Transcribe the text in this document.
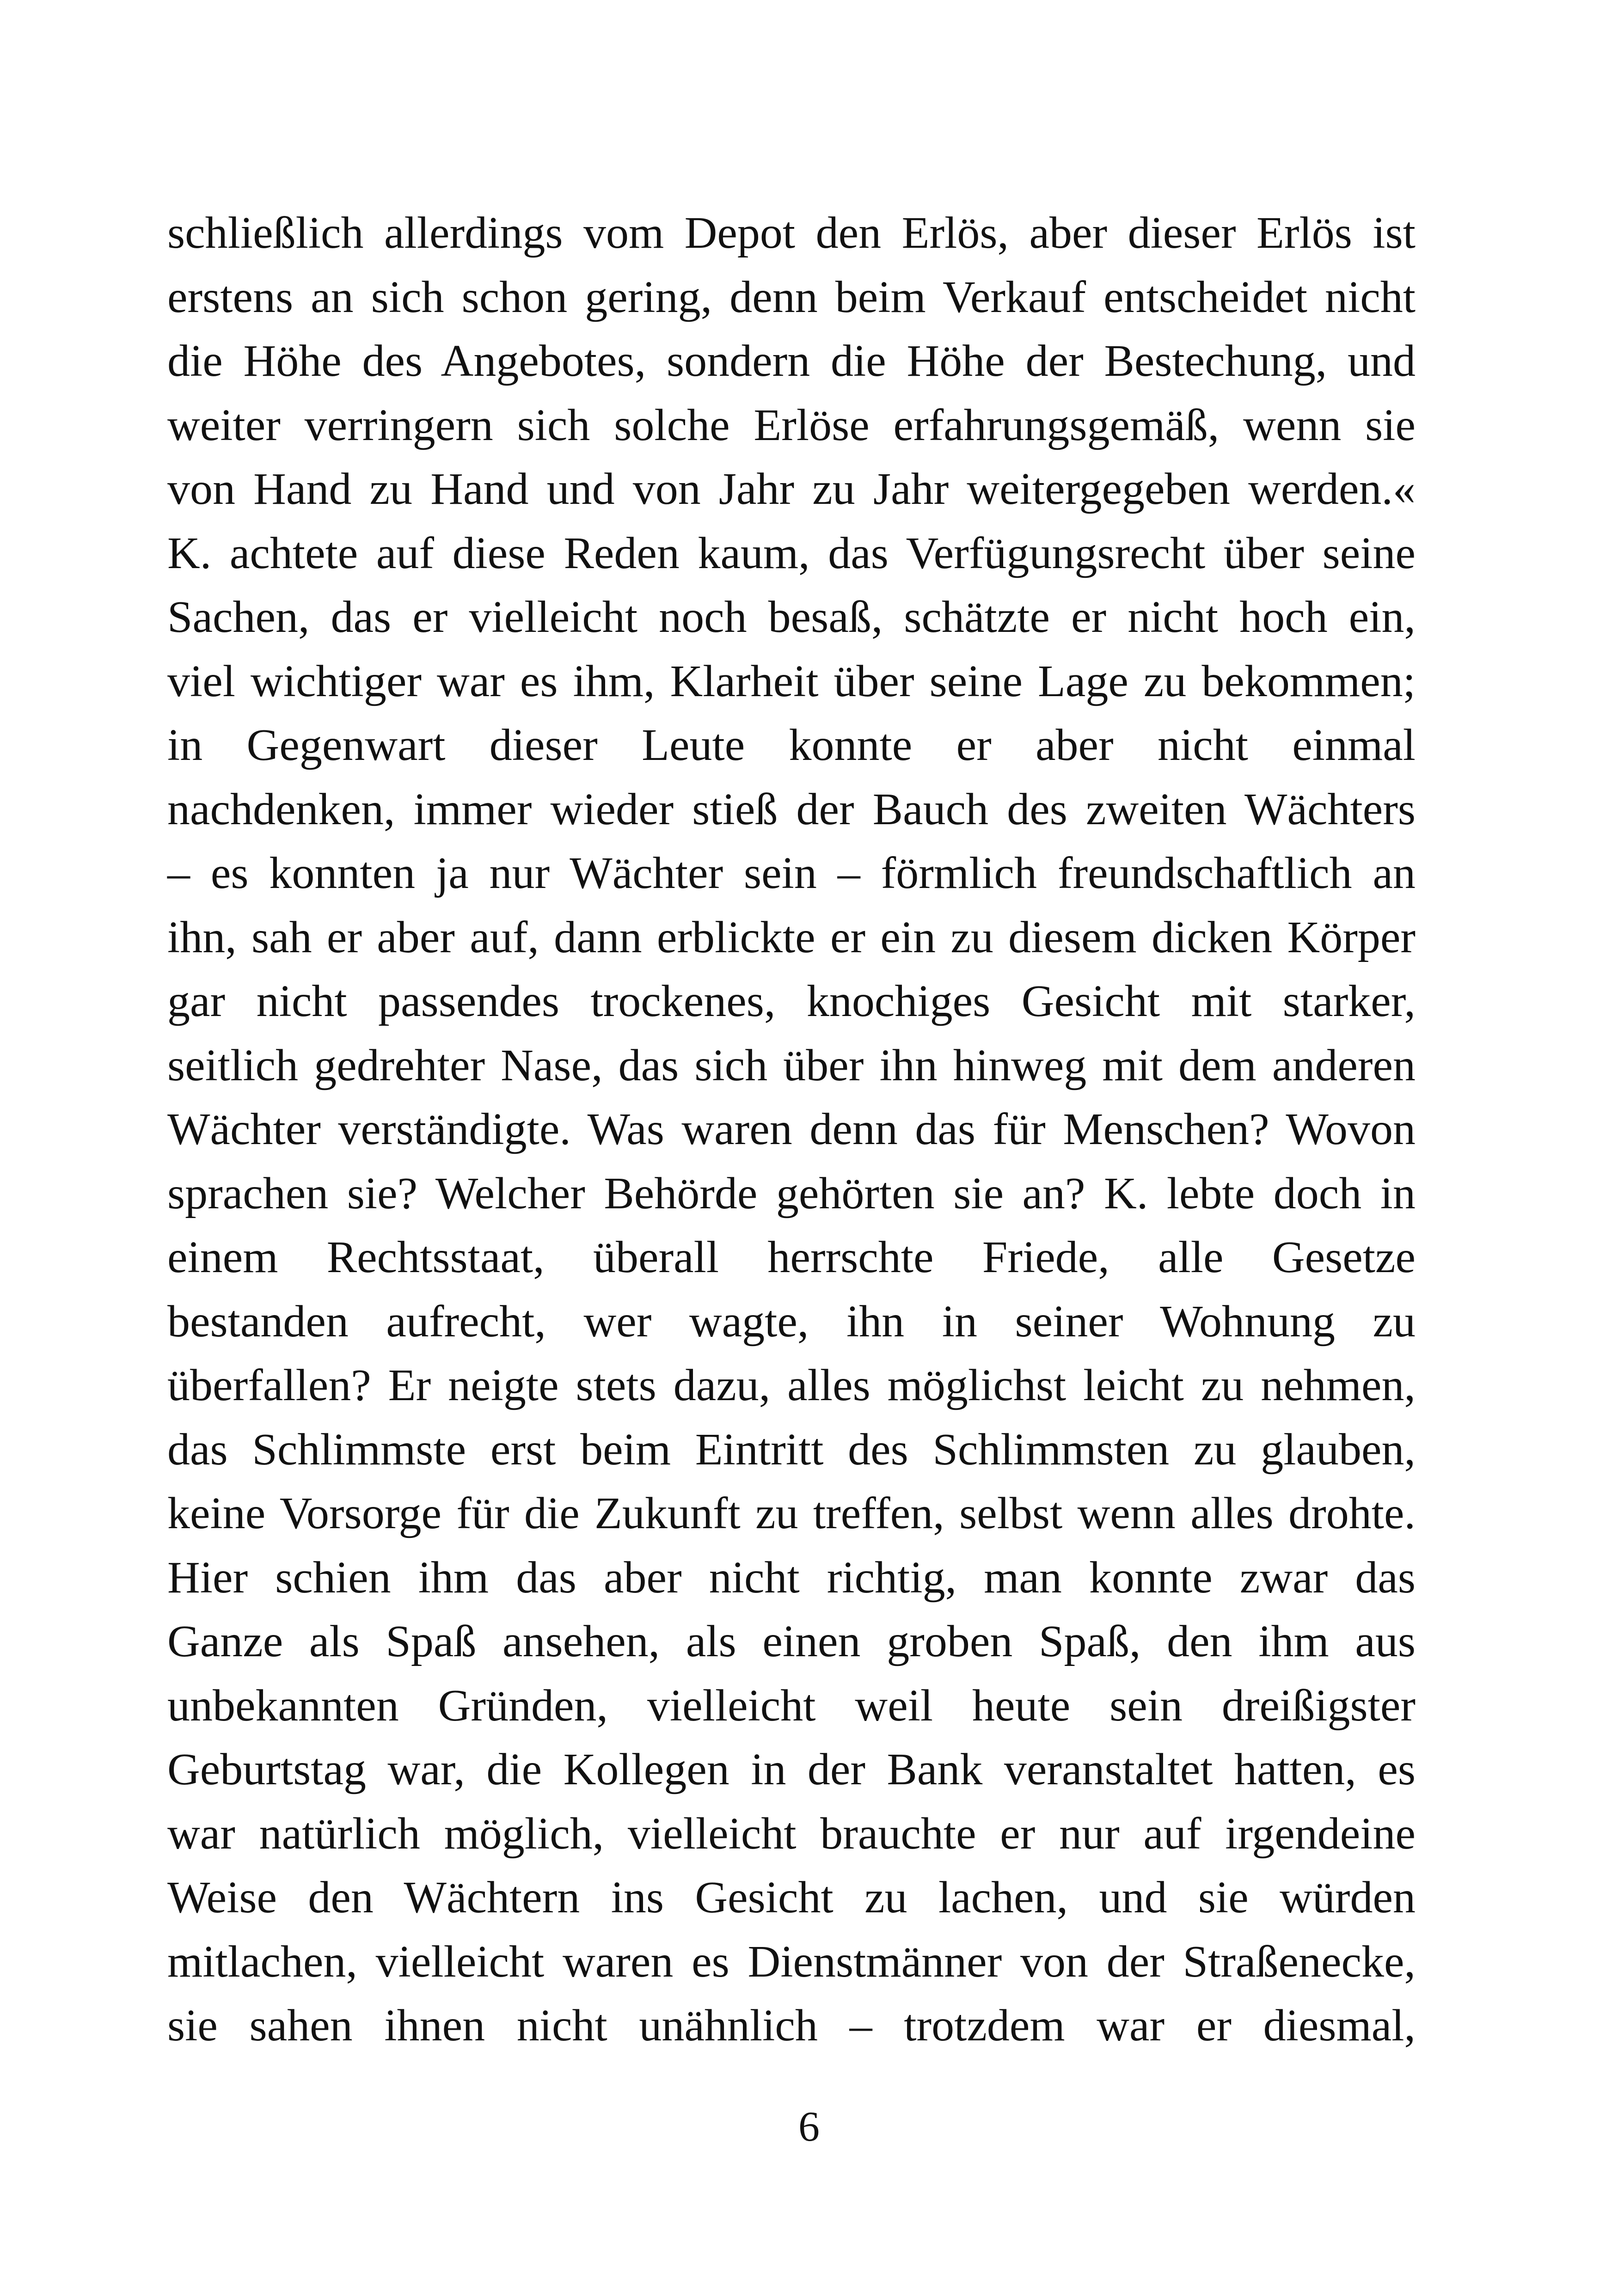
schließlich allerdings vom Depot den Erlös, aber dieser Erlös ist
erstens an sich schon gering, denn beim Verkauf entscheidet nicht
die Höhe des Angebotes, sondern die Höhe der Bestechung, und
weiter verringern sich solche Erlöse erfahrungsgemäß, wenn sie
von Hand zu Hand und von Jahr zu Jahr weitergegeben werden.«
K. achtete auf diese Reden kaum, das Verfügungsrecht über seine
Sachen, das er vielleicht noch besaß, schätzte er nicht hoch ein,
viel wichtiger war es ihm, Klarheit über seine Lage zu bekommen;
in Gegenwart dieser Leute konnte er aber nicht einmal
nachdenken, immer wieder stieß der Bauch des zweiten Wächters
– es konnten ja nur Wächter sein – förmlich freundschaftlich an
ihn, sah er aber auf, dann erblickte er ein zu diesem dicken Körper
gar nicht passendes trockenes, knochiges Gesicht mit starker,
seitlich gedrehter Nase, das sich über ihn hinweg mit dem anderen
Wächter verständigte. Was waren denn das für Menschen? Wovon
sprachen sie? Welcher Behörde gehörten sie an? K. lebte doch in
einem Rechtsstaat, überall herrschte Friede, alle Gesetze
bestanden aufrecht, wer wagte, ihn in seiner Wohnung zu
überfallen? Er neigte stets dazu, alles möglichst leicht zu nehmen,
das Schlimmste erst beim Eintritt des Schlimmsten zu glauben,
keine Vorsorge für die Zukunft zu treffen, selbst wenn alles drohte.
Hier schien ihm das aber nicht richtig, man konnte zwar das
Ganze als Spaß ansehen, als einen groben Spaß, den ihm aus
unbekannten Gründen, vielleicht weil heute sein dreißigster
Geburtstag war, die Kollegen in der Bank veranstaltet hatten, es
war natürlich möglich, vielleicht brauchte er nur auf irgendeine
Weise den Wächtern ins Gesicht zu lachen, und sie würden
mitlachen, vielleicht waren es Dienstmänner von der Straßenecke,
sie sahen ihnen nicht unähnlich – trotzdem war er diesmal,
6
